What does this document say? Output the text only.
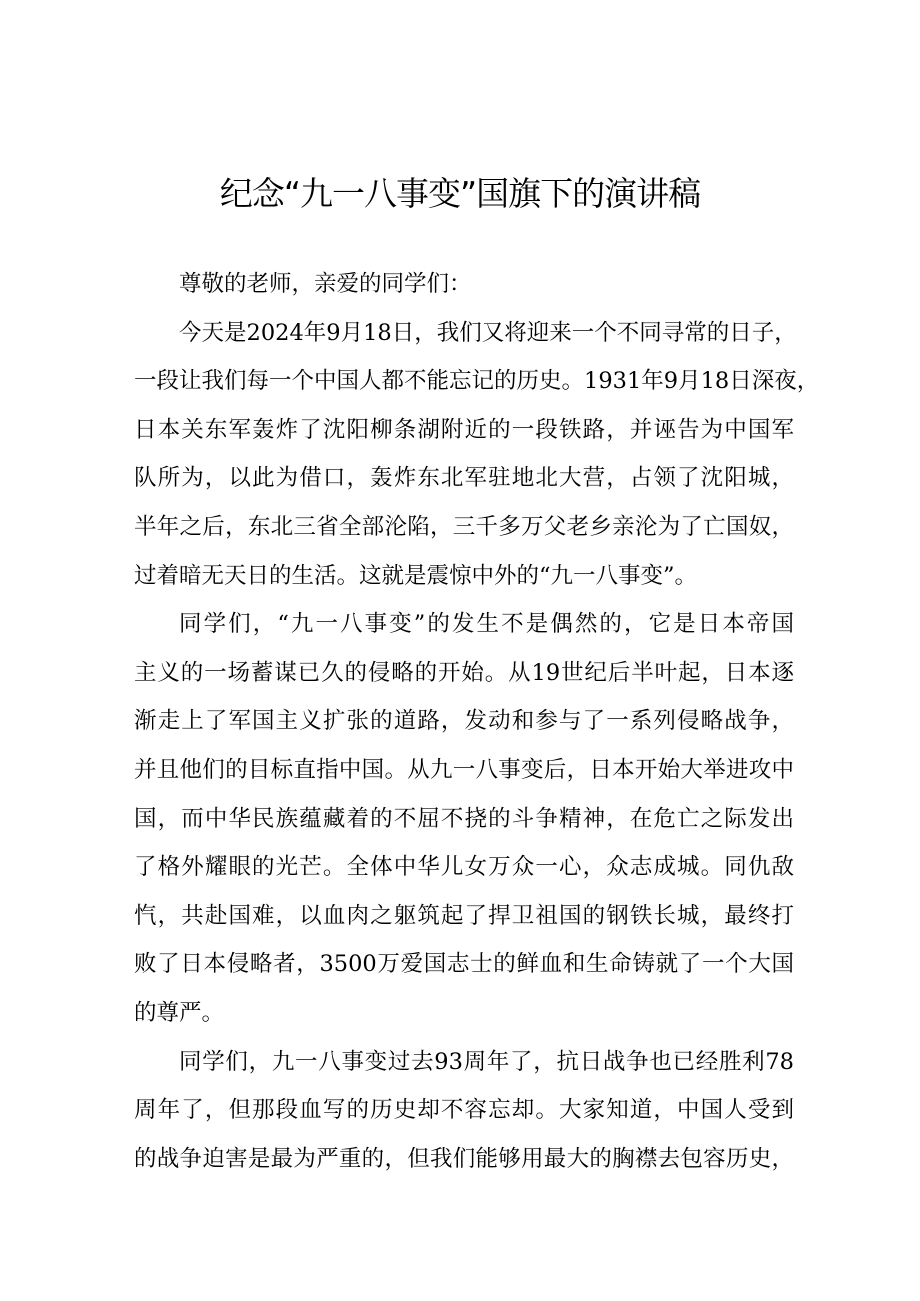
纪念“九一八事变”国旗下的演讲稿
尊敬的老师，亲爱的同学们：
今天是2024年9月18日，我们又将迎来一个不同寻常的日子，
一段让我们每一个中国人都不能忘记的历史。1931年9月18日深夜，
日本关东军轰炸了沈阳柳条湖附近的一段铁路，并诬告为中国军
队所为，以此为借口，轰炸东北军驻地北大营，占领了沈阳城，
半年之后，东北三省全部沦陷，三千多万父老乡亲沦为了亡国奴，
过着暗无天日的生活。这就是震惊中外的“九一八事变”。
同学们，“九一八事变”的发生不是偶然的，它是日本帝国
主义的一场蓄谋已久的侵略的开始。从19世纪后半叶起，日本逐
渐走上了军国主义扩张的道路，发动和参与了一系列侵略战争，
并且他们的目标直指中国。从九一八事变后，日本开始大举进攻中
国，而中华民族蕴藏着的不屈不挠的斗争精神，在危亡之际发出
了格外耀眼的光芒。全体中华儿女万众一心，众志成城。同仇敌
忾，共赴国难，以血肉之躯筑起了捍卫祖国的钢铁长城，最终打
败了日本侵略者，3500万爱国志士的鲜血和生命铸就了一个大国
的尊严。
同学们，九一八事变过去93周年了，抗日战争也已经胜利78
周年了，但那段血写的历史却不容忘却。大家知道，中国人受到
的战争迫害是最为严重的，但我们能够用最大的胸襟去包容历史，
